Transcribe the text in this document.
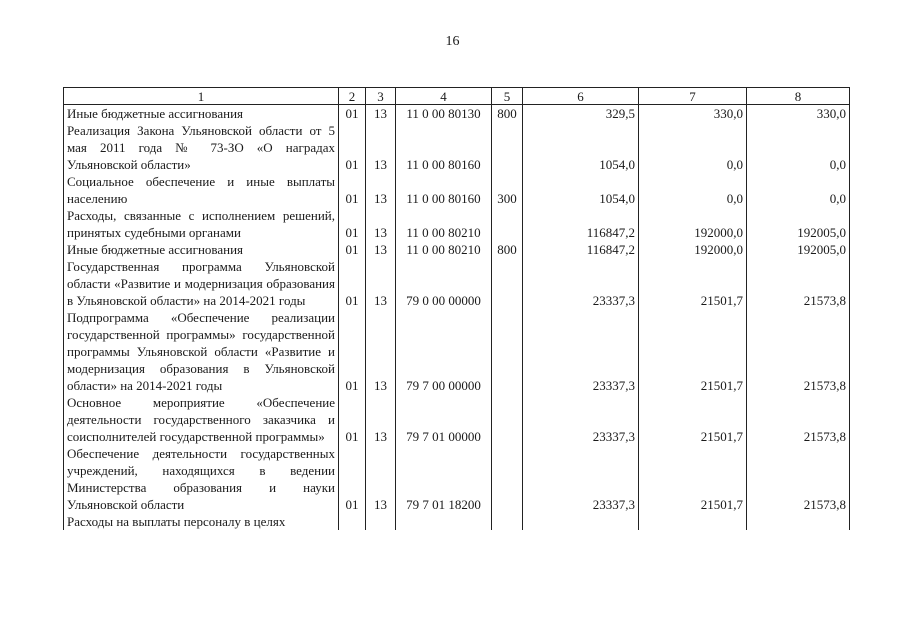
16
1	2	3	4	5	6	7	8
Иные бюджетные ассигнования	01	13	11 0 00 80130	800	329,5	330,0	330,0
Реализация Закона Ульяновской области от 5 мая 2011 года № 73-ЗО «О наградах Ульяновской области»	01	13	11 0 00 80160		1054,0	0,0	0,0
Социальное обеспечение и иные выплаты населению	01	13	11 0 00 80160	300	1054,0	0,0	0,0
Расходы, связанные с исполнением решений, принятых судебными органами	01	13	11 0 00 80210		116847,2	192000,0	192005,0
Иные бюджетные ассигнования	01	13	11 0 00 80210	800	116847,2	192000,0	192005,0
Государственная программа Ульяновской области «Развитие и модернизация образования в Ульяновской области» на 2014-2021 годы	01	13	79 0 00 00000		23337,3	21501,7	21573,8
Подпрограмма «Обеспечение реализации государственной программы» государственной программы Ульяновской области «Развитие и модернизация образования в Ульяновской области» на 2014-2021 годы	01	13	79 7 00 00000		23337,3	21501,7	21573,8
Основное мероприятие «Обеспечение деятельности государственного заказчика и соисполнителей государственной программы»	01	13	79 7 01 00000		23337,3	21501,7	21573,8
Обеспечение деятельности государственных учреждений, находящихся в ведении Министерства образования и науки Ульяновской области	01	13	79 7 01 18200		23337,3	21501,7	21573,8
Расходы на выплаты персоналу в целях							
